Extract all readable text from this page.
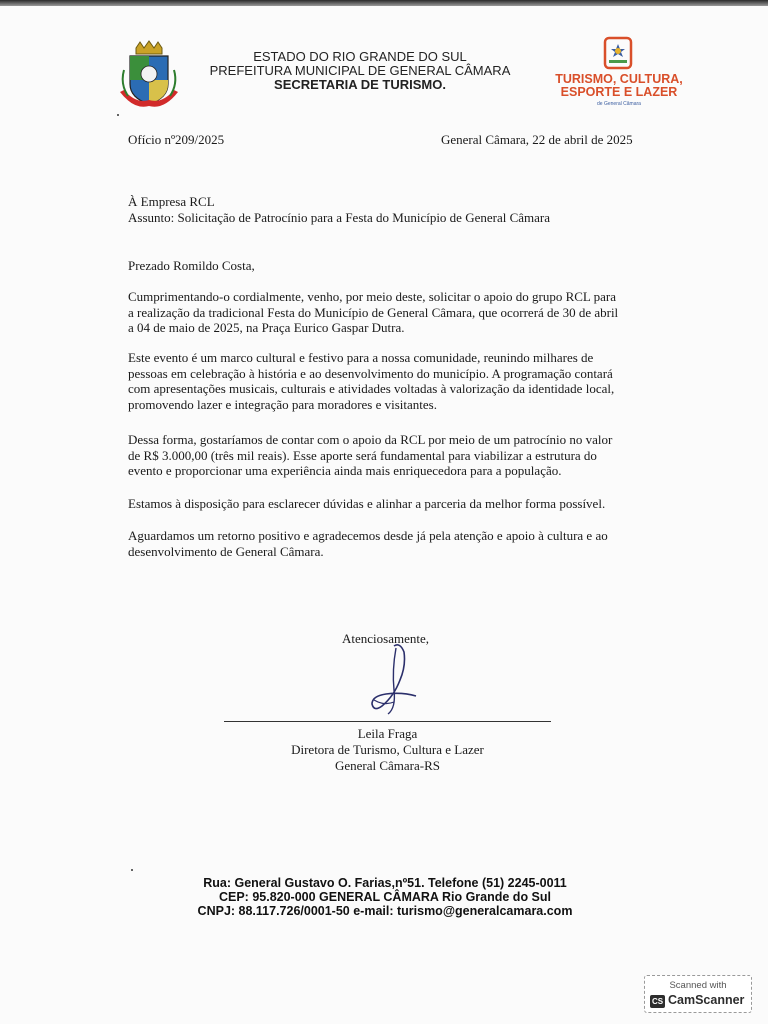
ESTADO DO RIO GRANDE DO SUL
PREFEITURA MUNICIPAL DE GENERAL CÂMARA
SECRETARIA DE TURISMO.	TURISMO, CULTURA,
ESPORTE E LAZER
de General Câmara
Ofício nº209/2025	General Câmara, 22 de abril de 2025
À Empresa RCL
Assunto: Solicitação de Patrocínio para a Festa do Município de General Câmara
Prezado Romildo Costa,
Cumprimentando-o cordialmente, venho, por meio deste, solicitar o apoio do grupo RCL para
a realização da tradicional Festa do Município de General Câmara, que ocorrerá de 30 de abril
a 04 de maio de 2025, na Praça Eurico Gaspar Dutra.
Este evento é um marco cultural e festivo para a nossa comunidade, reunindo milhares de
pessoas em celebração à história e ao desenvolvimento do município. A programação contará
com apresentações musicais, culturais e atividades voltadas à valorização da identidade local,
promovendo lazer e integração para moradores e visitantes.
Dessa forma, gostaríamos de contar com o apoio da RCL por meio de um patrocínio no valor
de R$ 3.000,00 (três mil reais). Esse aporte será fundamental para viabilizar a estrutura do
evento e proporcionar uma experiência ainda mais enriquecedora para a população.
Estamos à disposição para esclarecer dúvidas e alinhar a parceria da melhor forma possível.
Aguardamos um retorno positivo e agradecemos desde já pela atenção e apoio à cultura e ao
desenvolvimento de General Câmara.
Atenciosamente,
Leila Fraga
Diretora de Turismo, Cultura e Lazer
General Câmara-RS
Rua: General Gustavo O. Farias,nº51. Telefone (51) 2245-0011
CEP: 95.820-000 GENERAL CÂMARA Rio Grande do Sul
CNPJ: 88.117.726/0001-50 e-mail: turismo@generalcamara.com
Scanned with
CS CamScanner
